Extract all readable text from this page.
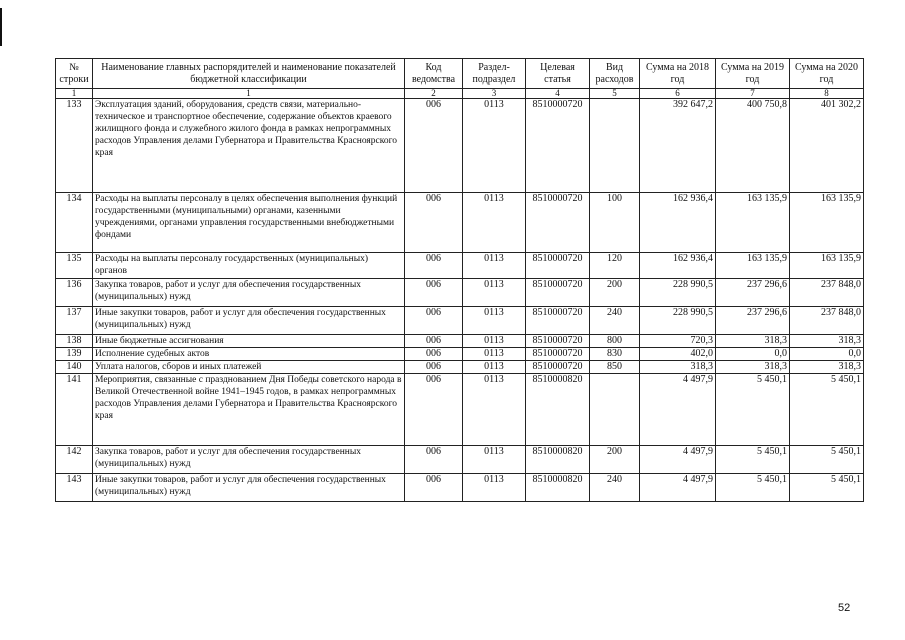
№ строки	Наименование главных распорядителей и наименование показателей бюджетной классификации	Код ведомства	Раздел-подраздел	Целевая статья	Вид расходов	Сумма на 2018 год	Сумма на 2019 год	Сумма на 2020 год
1	1	2	3	4	5	6	7	8
133	Эксплуатация зданий, оборудования, средств связи, материально-техническое и транспортное обеспечение, содержание объектов краевого жилищного фонда и служебного жилого фонда в рамках непрограммных расходов Управления делами Губернатора и Правительства Красноярского края	006	0113	8510000720		392 647,2	400 750,8	401 302,2
134	Расходы на выплаты персоналу в целях обеспечения выполнения функций государственными (муниципальными) органами, казенными учреждениями, органами управления государственными внебюджетными фондами	006	0113	8510000720	100	162 936,4	163 135,9	163 135,9
135	Расходы на выплаты персоналу государственных (муниципальных) органов	006	0113	8510000720	120	162 936,4	163 135,9	163 135,9
136	Закупка товаров, работ и услуг для обеспечения государственных (муниципальных) нужд	006	0113	8510000720	200	228 990,5	237 296,6	237 848,0
137	Иные закупки товаров, работ и услуг для обеспечения государственных (муниципальных) нужд	006	0113	8510000720	240	228 990,5	237 296,6	237 848,0
138	Иные бюджетные ассигнования	006	0113	8510000720	800	720,3	318,3	318,3
139	Исполнение судебных актов	006	0113	8510000720	830	402,0	0,0	0,0
140	Уплата налогов, сборов и иных платежей	006	0113	8510000720	850	318,3	318,3	318,3
141	Мероприятия, связанные с празднованием Дня Победы советского народа в Великой Отечественной войне 1941–1945 годов, в рамках непрограммных расходов Управления делами Губернатора и Правительства Красноярского края	006	0113	8510000820		4 497,9	5 450,1	5 450,1
142	Закупка товаров, работ и услуг для обеспечения государственных (муниципальных) нужд	006	0113	8510000820	200	4 497,9	5 450,1	5 450,1
143	Иные закупки товаров, работ и услуг для обеспечения государственных (муниципальных) нужд	006	0113	8510000820	240	4 497,9	5 450,1	5 450,1
52
